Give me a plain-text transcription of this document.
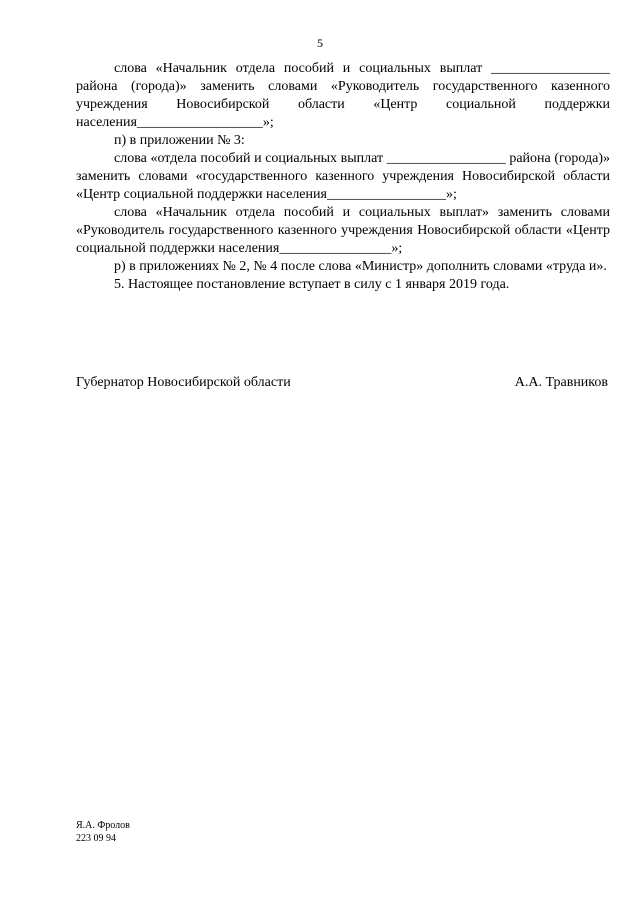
5

слова «Начальник отдела пособий и социальных выплат _________________ района (города)» заменить словами «Руководитель государственного казенного учреждения Новосибирской области «Центр социальной поддержки населения__________________»;

п) в приложении № 3:

слова «отдела пособий и социальных выплат _________________ района (города)» заменить словами «государственного казенного учреждения Новосибирской области «Центр социальной поддержки населения_________________»;

слова «Начальник отдела пособий и социальных выплат» заменить словами «Руководитель государственного казенного учреждения Новосибирской области «Центр социальной поддержки населения________________»;

р) в приложениях № 2, № 4 после слова «Министр» дополнить словами «труда и».

5. Настоящее постановление вступает в силу с 1 января 2019 года.

Губернатор Новосибирской области	А.А. Травников
Я.А. Фролов
223 09 94
